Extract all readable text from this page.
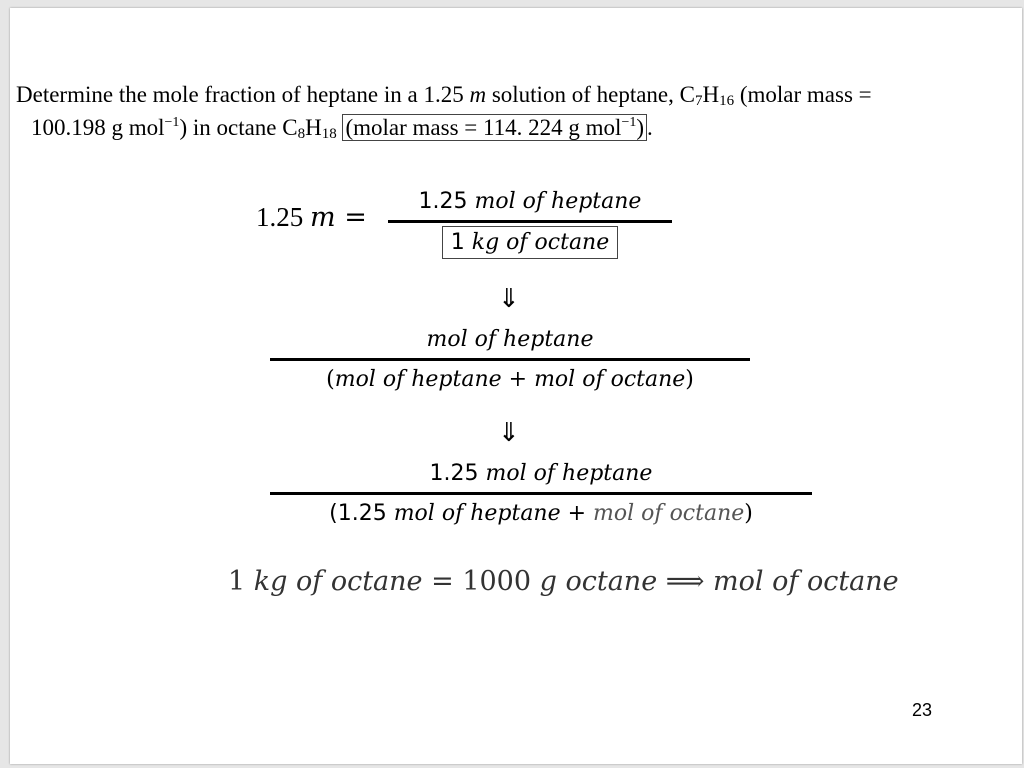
Determine the mole fraction of heptane in a 1.25 m solution of heptane, $C_7H_{16}$ (molar mass =
100.198 g mol$^{-1}$) in octane $C_8H_{18}$ (molar mass = 114. 224 g mol$^{-1}$) .
1.25 m =
1.25 mol of heptane
1 kg of octane
⇓
mol of heptane
(mol of heptane + mol of octane)
⇓
1.25 mol of heptane
(1.25 mol of heptane + mol of octane)
1 kg of octane = 1000 g octane ⟹ mol of octane
23
